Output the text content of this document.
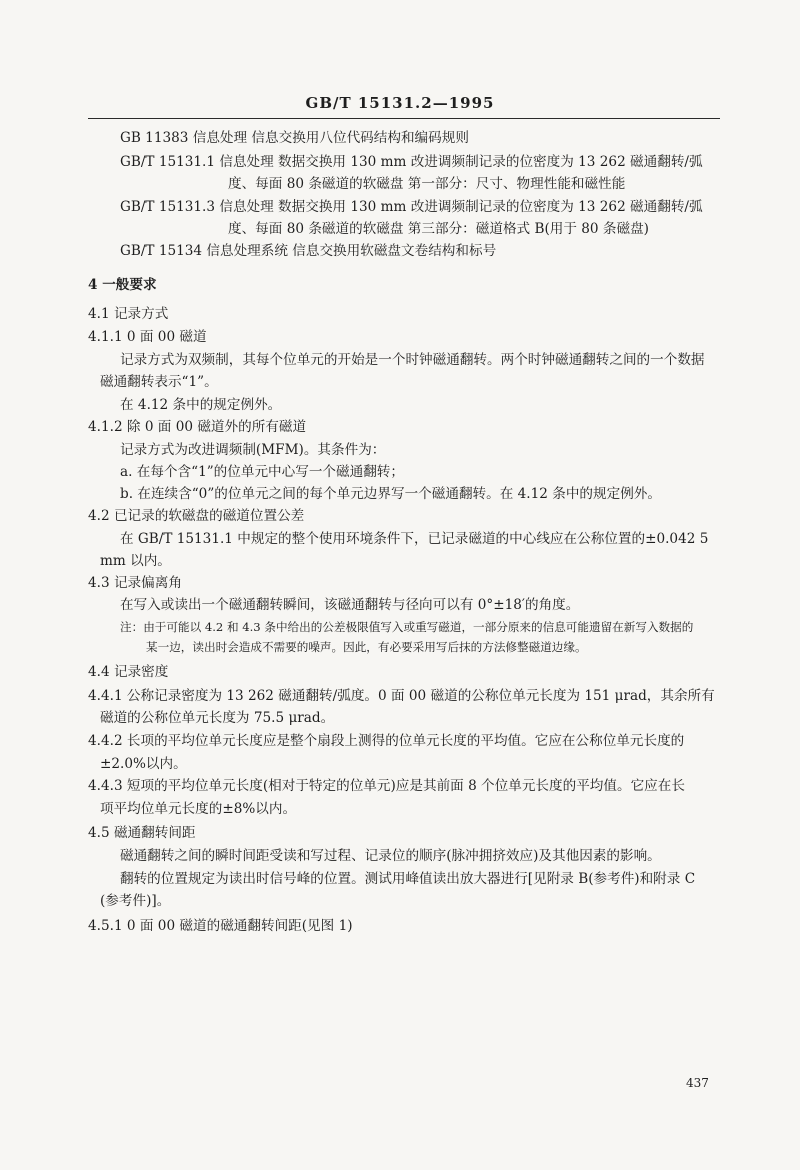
GB/T 15131.2—1995
GB 11383 信息处理 信息交换用八位代码结构和编码规则
GB/T 15131.1 信息处理 数据交换用 130 mm 改进调频制记录的位密度为 13 262 磁通翻转/弧
度、每面 80 条磁道的软磁盘 第一部分：尺寸、物理性能和磁性能
GB/T 15131.3 信息处理 数据交换用 130 mm 改进调频制记录的位密度为 13 262 磁通翻转/弧
度、每面 80 条磁道的软磁盘 第三部分：磁道格式 B(用于 80 条磁盘)
GB/T 15134 信息处理系统 信息交换用软磁盘文卷结构和标号
4 一般要求
4.1 记录方式
4.1.1 0 面 00 磁道
记录方式为双频制，其每个位单元的开始是一个时钟磁通翻转。两个时钟磁通翻转之间的一个数据
磁通翻转表示“1”。
在 4.12 条中的规定例外。
4.1.2 除 0 面 00 磁道外的所有磁道
记录方式为改进调频制(MFM)。其条件为：
a. 在每个含“1”的位单元中心写一个磁通翻转；
b. 在连续含“0”的位单元之间的每个单元边界写一个磁通翻转。在 4.12 条中的规定例外。
4.2 已记录的软磁盘的磁道位置公差
在 GB/T 15131.1 中规定的整个使用环境条件下，已记录磁道的中心线应在公称位置的±0.042 5
mm 以内。
4.3 记录偏离角
在写入或读出一个磁通翻转瞬间，该磁通翻转与径向可以有 0°±18′的角度。
注：由于可能以 4.2 和 4.3 条中给出的公差极限值写入或重写磁道，一部分原来的信息可能遗留在新写入数据的
某一边，读出时会造成不需要的噪声。因此，有必要采用写后抹的方法修整磁道边缘。
4.4 记录密度
4.4.1 公称记录密度为 13 262 磁通翻转/弧度。0 面 00 磁道的公称位单元长度为 151 μrad，其余所有
磁道的公称位单元长度为 75.5 μrad。
4.4.2 长项的平均位单元长度应是整个扇段上测得的位单元长度的平均值。它应在公称位单元长度的
±2.0%以内。
4.4.3 短项的平均位单元长度(相对于特定的位单元)应是其前面 8 个位单元长度的平均值。它应在长
项平均位单元长度的±8%以内。
4.5 磁通翻转间距
磁通翻转之间的瞬时间距受读和写过程、记录位的顺序(脉冲拥挤效应)及其他因素的影响。
翻转的位置规定为读出时信号峰的位置。测试用峰值读出放大器进行[见附录 B(参考件)和附录 C
(参考件)]。
4.5.1 0 面 00 磁道的磁通翻转间距(见图 1)
437
